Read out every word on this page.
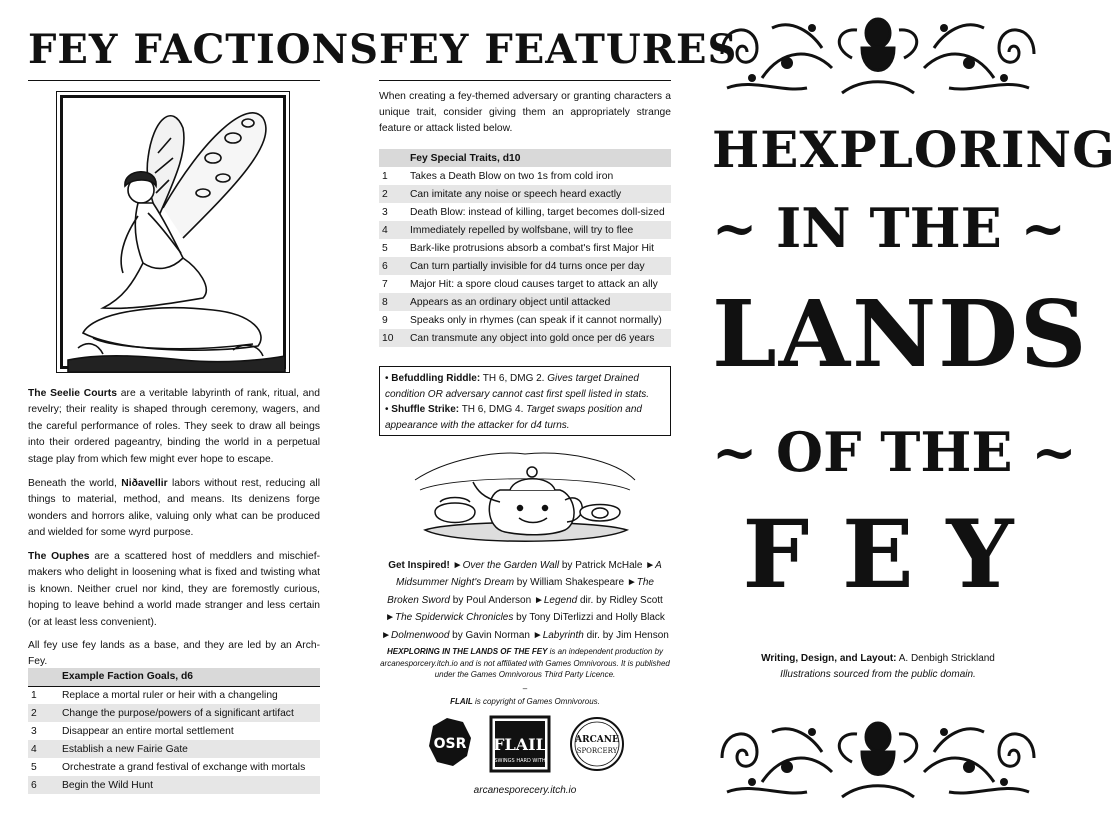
FEY FACTIONS
The Seelie Courts are a veritable labyrinth of rank, ritual, and revelry; their reality is shaped through ceremony, wagers, and the careful performance of roles. They seek to draw all beings into their ordered pageantry, binding the world in a perpetual stage play from which few might ever hope to escape.
Beneath the world, Niðavellir labors without rest, reducing all things to material, method, and means. Its denizens forge wonders and horrors alike, valuing only what can be produced and wielded for some wyrd purpose.
The Ouphes are a scattered host of meddlers and mischief-makers who delight in loosening what is fixed and twisting what is known. Neither cruel nor kind, they are foremostly curious, hoping to leave behind a world made stranger and less certain (or at least less convenient).
All fey use fey lands as a base, and they are led by an Arch-Fey.
	Example Faction Goals, d6
1	Replace a mortal ruler or heir with a changeling
2	Change the purpose/powers of a significant artifact
3	Disappear an entire mortal settlement
4	Establish a new Fairie Gate
5	Orchestrate a grand festival of exchange with mortals
6	Begin the Wild Hunt
FEY FEATURES
When creating a fey-themed adversary or granting characters a unique trait, consider giving them an appropriately strange feature or attack listed below.
	Fey Special Traits, d10
1	Takes a Death Blow on two 1s from cold iron
2	Can imitate any noise or speech heard exactly
3	Death Blow: instead of killing, target becomes doll-sized
4	Immediately repelled by wolfsbane, will try to flee
5	Bark-like protrusions absorb a combat's first Major Hit
6	Can turn partially invisible for d4 turns once per day
7	Major Hit: a spore cloud causes target to attack an ally
8	Appears as an ordinary object until attacked
9	Speaks only in rhymes (can speak if it cannot normally)
10	Can transmute any object into gold once per d6 years
• Befuddling Riddle: TH 6, DMG 2. Gives target Drained condition OR adversary cannot cast first spell listed in stats.
• Shuffle Strike: TH 6, DMG 4. Target swaps position and appearance with the attacker for d4 turns.
Get Inspired! ►Over the Garden Wall by Patrick McHale ►A Midsummer Night's Dream by William Shakespeare ►The Broken Sword by Poul Anderson ►Legend dir. by Ridley Scott ►The Spiderwick Chronicles by Tony DiTerlizzi and Holly Black ►Dolmenwood by Gavin Norman ►Labyrinth dir. by Jim Henson
HEXPLORING IN THE LANDS OF THE FEY is an independent production by arcanesporcery.itch.io and is not affiliated with Games Omnivorous. It is published under the Games Omnivorous Third Party Licence.
–
FLAIL is copyright of Games Omnivorous.
OSR FLAIL
SWINGS HARD WITH
ARCANE
SPORCERY
arcanesporecery.itch.io
HEXPLORING
~ IN THE ~
LANDS
~ OF THE ~
F E Y
Writing, Design, and Layout: A. Denbigh Strickland
Illustrations sourced from the public domain.
